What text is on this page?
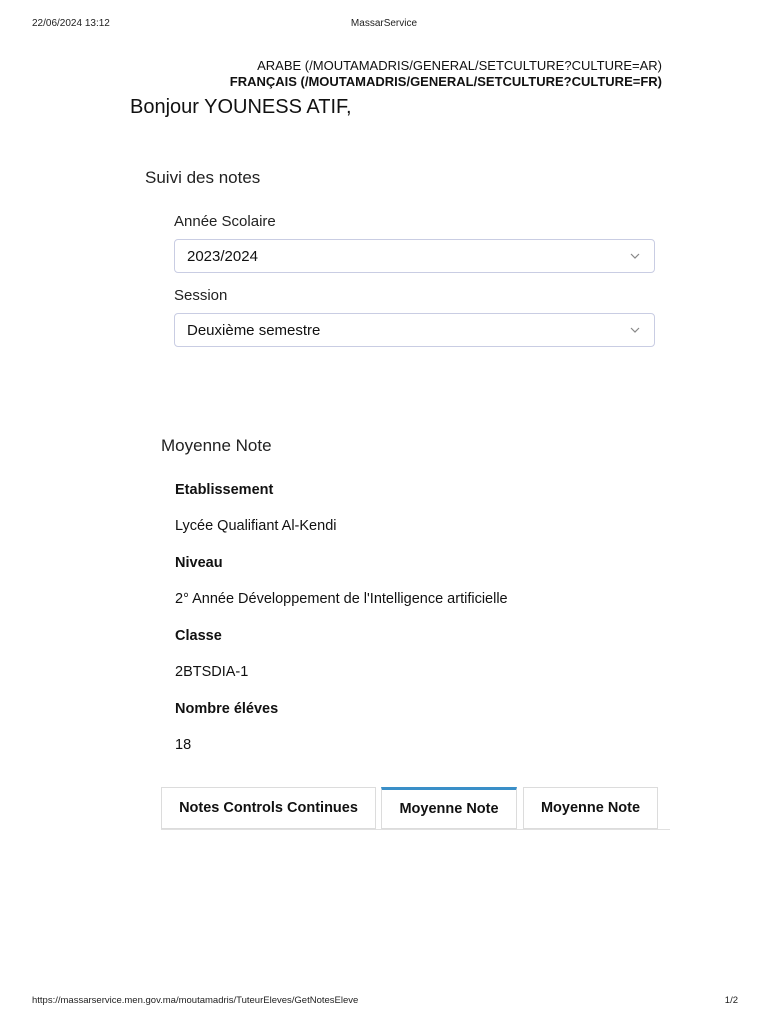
22/06/2024 13:12	MassarService
ARABE (/MOUTAMADRIS/GENERAL/SETCULTURE?CULTURE=AR)
FRANÇAIS (/MOUTAMADRIS/GENERAL/SETCULTURE?CULTURE=FR)
Bonjour YOUNESS ATIF,
Suivi des notes
Année Scolaire
2023/2024
Session
Deuxième semestre
Moyenne Note
Etablissement
Lycée Qualifiant Al-Kendi
Niveau
2° Année Développement de l'Intelligence artificielle
Classe
2BTSDIA-1
Nombre éléves
18
Notes Controls Continues	Moyenne Note	Moyenne Note
https://massarservice.men.gov.ma/moutamadris/TuteurEleves/GetNotesEleve	1/2
